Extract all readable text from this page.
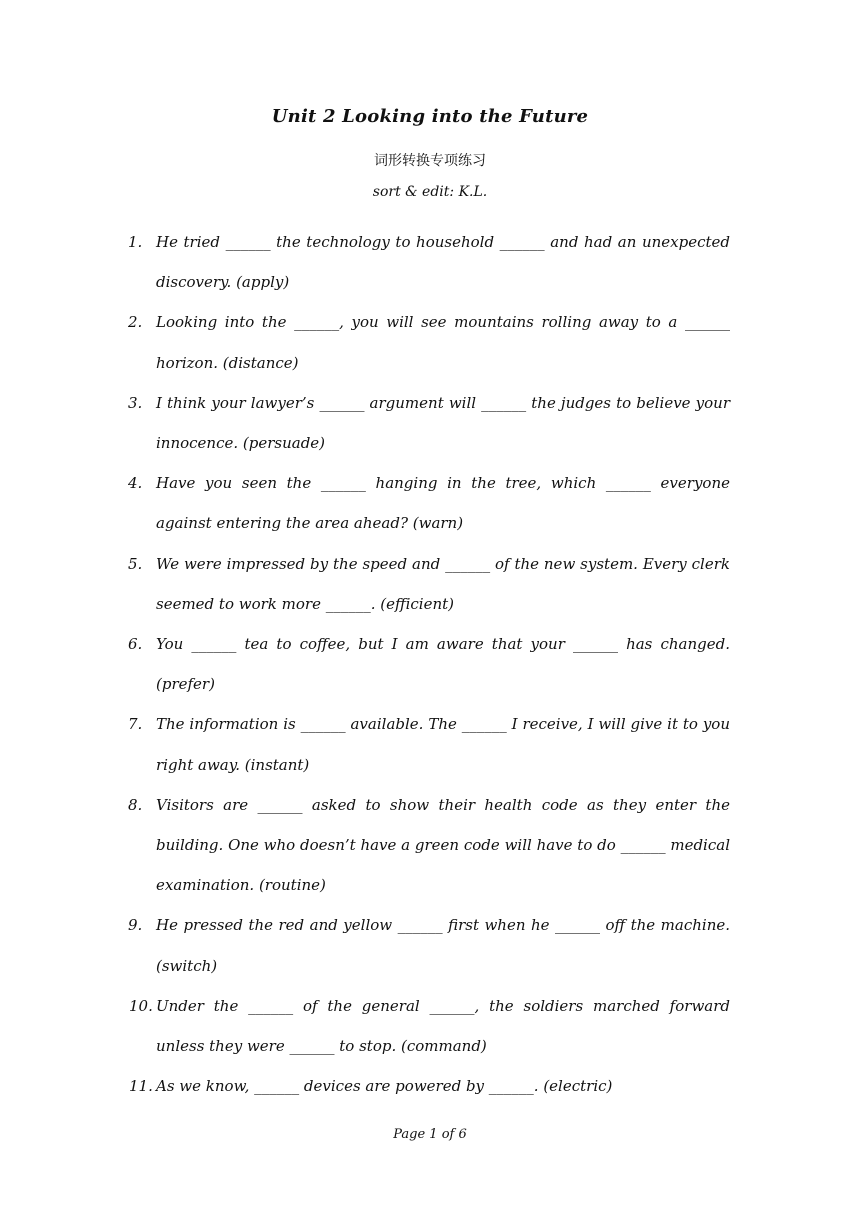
Unit 2 Looking into the Future
词形转换专项练习
sort & edit: K.L.
1. He tried ______ the technology to household ______ and had an unexpected discovery. (apply)
2. Looking into the ______, you will see mountains rolling away to a ______ horizon. (distance)
3. I think your lawyer’s ______ argument will ______ the judges to believe your innocence. (persuade)
4. Have you seen the ______ hanging in the tree, which ______ everyone against entering the area ahead? (warn)
5. We were impressed by the speed and ______ of the new system. Every clerk seemed to work more ______. (efficient)
6. You ______ tea to coffee, but I am aware that your ______ has changed. (prefer)
7. The information is ______ available. The ______ I receive, I will give it to you right away. (instant)
8. Visitors are ______ asked to show their health code as they enter the building. One who doesn’t have a green code will have to do ______ medical examination. (routine)
9. He pressed the red and yellow ______ first when he ______ off the machine. (switch)
10. Under the ______ of the general ______, the soldiers marched forward unless they were ______ to stop. (command)
11. As we know, ______ devices are powered by ______. (electric)
Page 1 of 6
